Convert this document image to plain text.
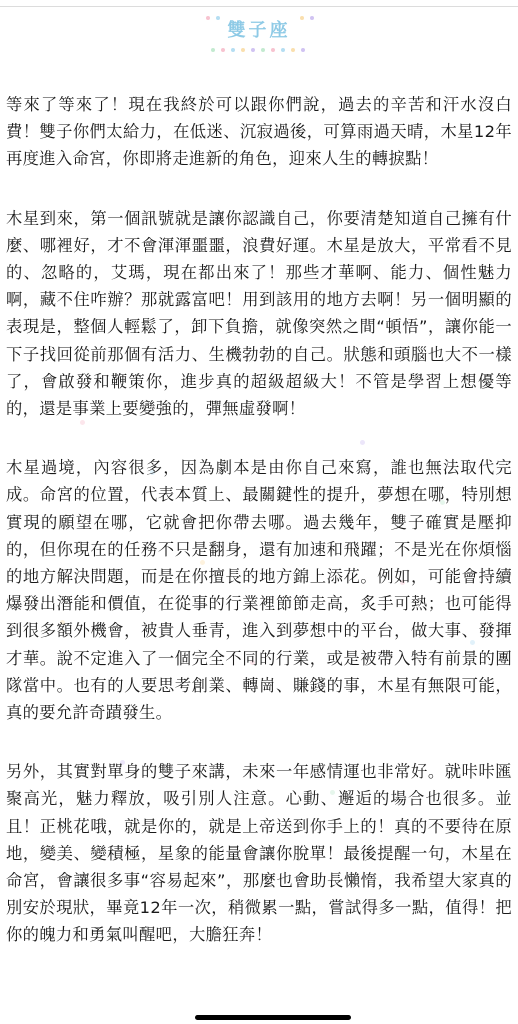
雙子座

等來了等來了！現在我終於可以跟你們說，過去的辛苦和汗水沒白費！雙子你們太給力，在低迷、沉寂過後，可算雨過天晴，木星12年再度進入命宮，你即將走進新的角色，迎來人生的轉捩點！

木星到來，第一個訊號就是讓你認識自己，你要清楚知道自己擁有什麼、哪裡好，才不會渾渾噩噩，浪費好運。木星是放大，平常看不見的、忽略的，艾瑪，現在都出來了！那些才華啊、能力、個性魅力啊，藏不住咋辦？那就露富吧！用到該用的地方去啊！另一個明顯的表現是，整個人輕鬆了，卸下負擔，就像突然之間“頓悟”，讓你能一下子找回從前那個有活力、生機勃勃的自己。狀態和頭腦也大不一樣了，會啟發和鞭策你，進步真的超級超級大！不管是學習上想優等的，還是事業上要變強的，彈無虛發啊！

木星過境，內容很多，因為劇本是由你自己來寫，誰也無法取代完成。命宮的位置，代表本質上、最關鍵性的提升，夢想在哪，特別想實現的願望在哪，它就會把你帶去哪。過去幾年，雙子確實是壓抑的，但你現在的任務不只是翻身，還有加速和飛躍；不是光在你煩惱的地方解決問題，而是在你擅長的地方錦上添花。例如，可能會持續爆發出潛能和價值，在從事的行業裡節節走高，炙手可熱；也可能得到很多額外機會，被貴人垂青，進入到夢想中的平台，做大事、發揮才華。說不定進入了一個完全不同的行業，或是被帶入特有前景的團隊當中。也有的人要思考創業、轉崗、賺錢的事，木星有無限可能，真的要允許奇蹟發生。

另外，其實對單身的雙子來講，未來一年感情運也非常好。就咔咔匯聚高光，魅力釋放，吸引別人注意。心動、邂逅的場合也很多。並且！正桃花哦，就是你的，就是上帝送到你手上的！真的不要待在原地，變美、變積極，星象的能量會讓你脫單！最後提醒一句，木星在命宮，會讓很多事“容易起來”，那麼也會助長懶惰，我希望大家真的別安於現狀，畢竟12年一次，稍微累一點，嘗試得多一點，值得！把你的魄力和勇氣叫醒吧，大膽狂奔！
